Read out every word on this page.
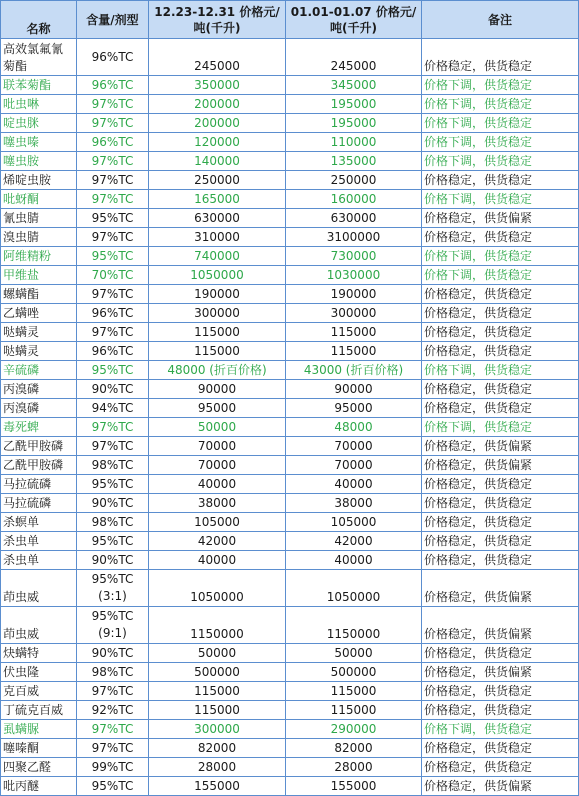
名称	含量/剂型	12.23-12.31 价格元/吨(千升)	01.01-01.07 价格元/吨(千升)	备注
高效氯氟氰菊酯	96%TC	245000	245000	价格稳定，供货稳定
联苯菊酯	96%TC	350000	345000	价格下调，供货稳定
吡虫啉	97%TC	200000	195000	价格下调，供货稳定
啶虫脒	97%TC	200000	195000	价格下调，供货稳定
噻虫嗪	96%TC	120000	110000	价格下调，供货稳定
噻虫胺	97%TC	140000	135000	价格下调，供货稳定
烯啶虫胺	97%TC	250000	250000	价格稳定，供货稳定
吡蚜酮	97%TC	165000	160000	价格下调，供货稳定
氰虫腈	95%TC	630000	630000	价格稳定，供货偏紧
溴虫腈	97%TC	310000	3100000	价格稳定，供货稳定
阿维精粉	95%TC	740000	730000	价格下调，供货稳定
甲维盐	70%TC	1050000	1030000	价格下调，供货稳定
螺螨酯	97%TC	190000	190000	价格稳定，供货稳定
乙螨唑	96%TC	300000	300000	价格稳定，供货稳定
哒螨灵	97%TC	115000	115000	价格稳定，供货稳定
哒螨灵	96%TC	115000	115000	价格稳定，供货稳定
辛硫磷	95%TC	48000 (折百价格)	43000 (折百价格)	价格下调，供货稳定
丙溴磷	90%TC	90000	90000	价格稳定，供货稳定
丙溴磷	94%TC	95000	95000	价格稳定，供货稳定
毒死蜱	97%TC	50000	48000	价格下调，供货稳定
乙酰甲胺磷	97%TC	70000	70000	价格稳定，供货偏紧
乙酰甲胺磷	98%TC	70000	70000	价格稳定，供货偏紧
马拉硫磷	95%TC	40000	40000	价格稳定，供货稳定
马拉硫磷	90%TC	38000	38000	价格稳定，供货稳定
杀螟单	98%TC	105000	105000	价格稳定，供货稳定
杀虫单	95%TC	42000	42000	价格稳定，供货稳定
杀虫单	90%TC	40000	40000	价格稳定，供货稳定
茚虫威	95%TC (3:1)	1050000	1050000	价格稳定，供货偏紧
茚虫威	95%TC (9:1)	1150000	1150000	价格稳定，供货偏紧
炔螨特	90%TC	50000	50000	价格稳定，供货稳定
伏虫隆	98%TC	500000	500000	价格稳定，供货偏紧
克百威	97%TC	115000	115000	价格稳定，供货稳定
丁硫克百威	92%TC	115000	115000	价格稳定，供货稳定
虱螨脲	97%TC	300000	290000	价格下调，供货稳定
噻嗪酮	97%TC	82000	82000	价格稳定，供货稳定
四聚乙醛	99%TC	28000	28000	价格稳定，供货稳定
吡丙醚	95%TC	155000	155000	价格稳定，供货偏紧
